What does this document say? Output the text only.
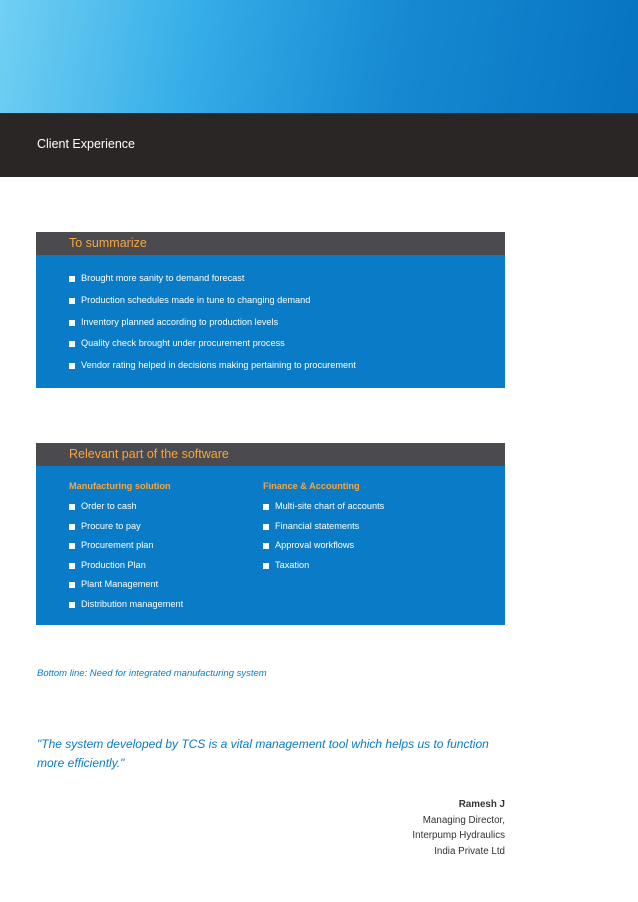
Client Experience
To summarize
Brought more sanity to demand forecast
Production schedules made in tune to changing demand
Inventory planned according to production levels
Quality check brought under procurement process
Vendor rating helped in decisions making pertaining to procurement
Relevant part of the software
Manufacturing solution
Order to cash
Procure to pay
Procurement plan
Production Plan
Plant Management
Distribution management
Finance & Accounting
Multi-site chart of accounts
Financial statements
Approval workflows
Taxation
Bottom line: Need for integrated manufacturing system
"The system developed by TCS is a vital management tool which helps us to function more efficiently."
Ramesh J
Managing Director,
Interpump Hydraulics
India Private Ltd
